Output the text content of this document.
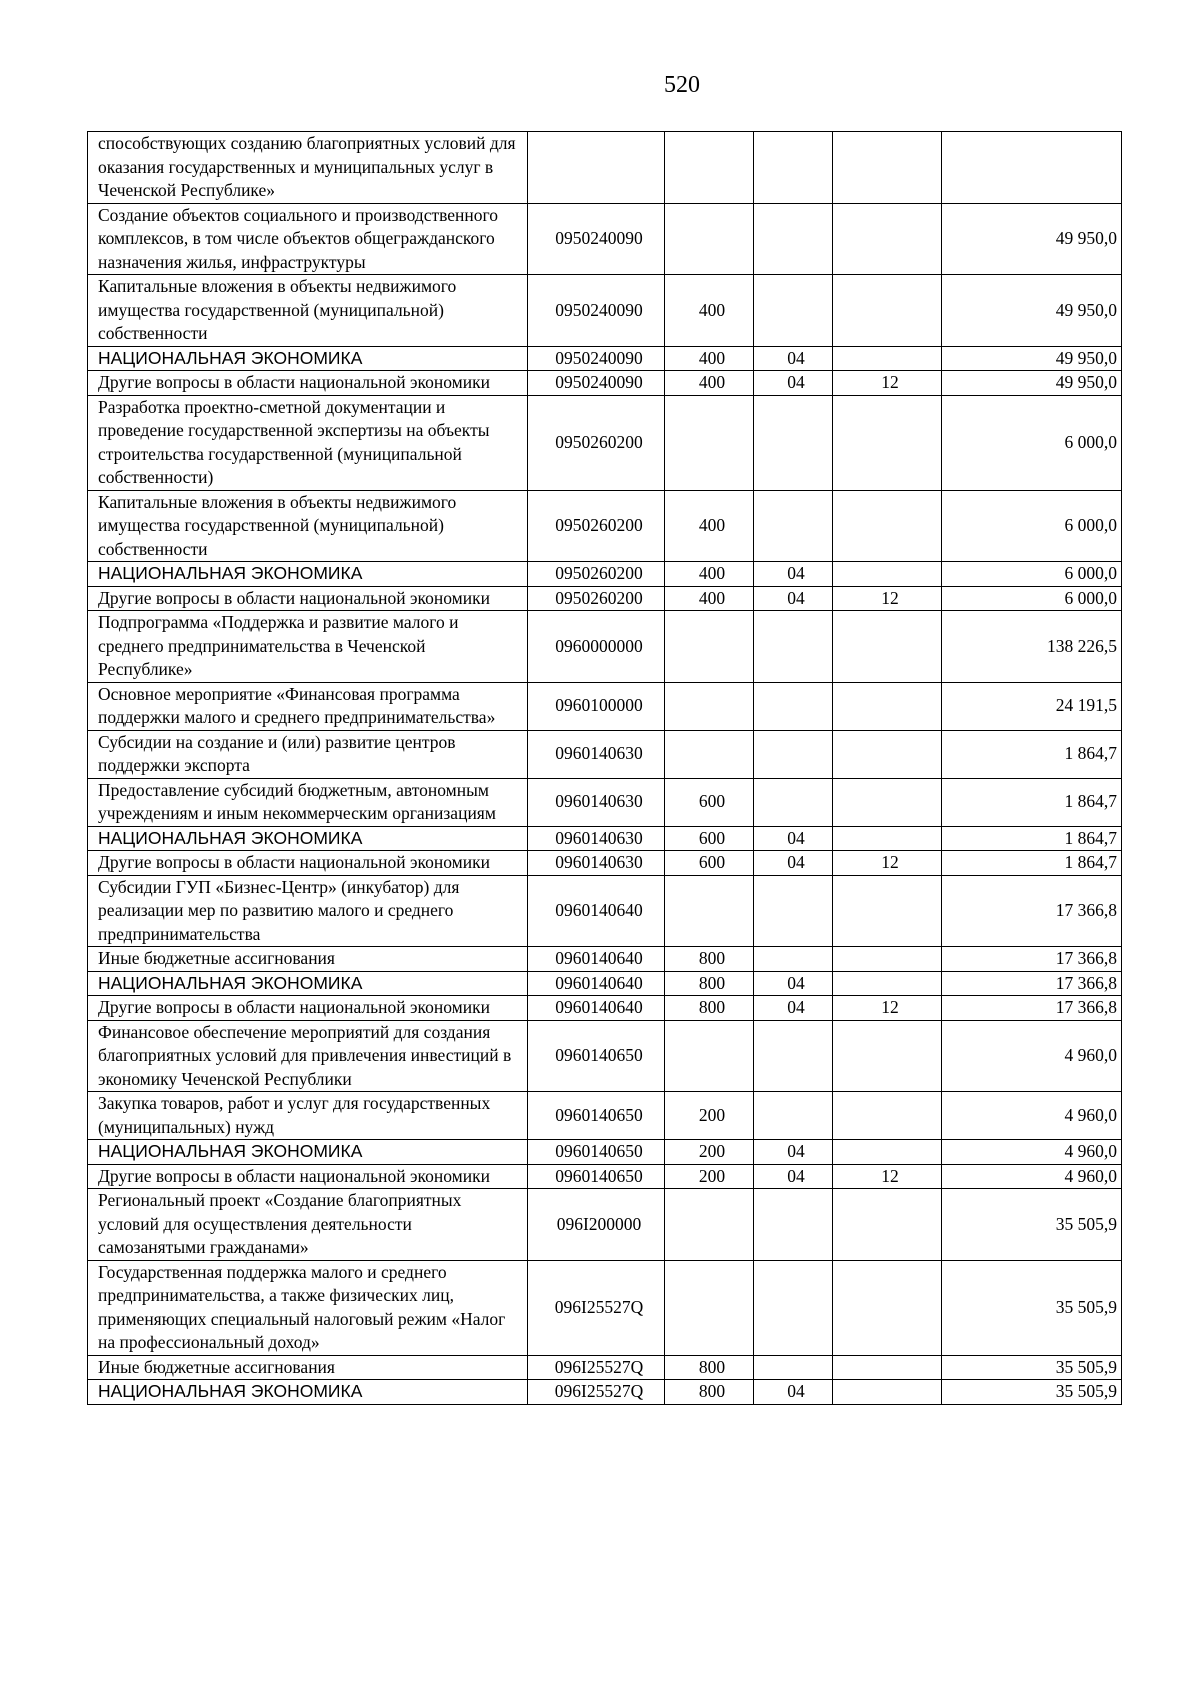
520
способствующих созданию благоприятных условий для оказания государственных и муниципальных услуг в Чеченской Республике»					
Создание объектов социального и производственного комплексов, в том числе объектов общегражданского назначения жилья, инфраструктуры	0950240090				49 950,0
Капитальные вложения в объекты недвижимого имущества государственной (муниципальной) собственности	0950240090	400			49 950,0
НАЦИОНАЛЬНАЯ ЭКОНОМИКА	0950240090	400	04		49 950,0
Другие вопросы в области национальной экономики	0950240090	400	04	12	49 950,0
Разработка проектно-сметной документации и проведение государственной экспертизы на объекты строительства государственной (муниципальной собственности)	0950260200				6 000,0
Капитальные вложения в объекты недвижимого имущества государственной (муниципальной) собственности	0950260200	400			6 000,0
НАЦИОНАЛЬНАЯ ЭКОНОМИКА	0950260200	400	04		6 000,0
Другие вопросы в области национальной экономики	0950260200	400	04	12	6 000,0
Подпрограмма «Поддержка и развитие малого и среднего предпринимательства в Чеченской Республике»	0960000000				138 226,5
Основное мероприятие «Финансовая программа поддержки малого и среднего предпринимательства»	0960100000				24 191,5
Субсидии на создание и (или) развитие центров поддержки экспорта	0960140630				1 864,7
Предоставление субсидий бюджетным, автономным учреждениям и иным некоммерческим организациям	0960140630	600			1 864,7
НАЦИОНАЛЬНАЯ ЭКОНОМИКА	0960140630	600	04		1 864,7
Другие вопросы в области национальной экономики	0960140630	600	04	12	1 864,7
Субсидии ГУП «Бизнес-Центр» (инкубатор) для реализации мер по развитию малого и среднего предпринимательства	0960140640				17 366,8
Иные бюджетные ассигнования	0960140640	800			17 366,8
НАЦИОНАЛЬНАЯ ЭКОНОМИКА	0960140640	800	04		17 366,8
Другие вопросы в области национальной экономики	0960140640	800	04	12	17 366,8
Финансовое обеспечение мероприятий для создания благоприятных условий для привлечения инвестиций в экономику Чеченской Республики	0960140650				4 960,0
Закупка товаров, работ и услуг для государственных (муниципальных) нужд	0960140650	200			4 960,0
НАЦИОНАЛЬНАЯ ЭКОНОМИКА	0960140650	200	04		4 960,0
Другие вопросы в области национальной экономики	0960140650	200	04	12	4 960,0
Региональный проект «Создание благоприятных условий для осуществления деятельности самозанятыми гражданами»	096I200000				35 505,9
Государственная поддержка малого и среднего предпринимательства, а также физических лиц, применяющих специальный налоговый режим «Налог на профессиональный доход»	096I25527Q				35 505,9
Иные бюджетные ассигнования	096I25527Q	800			35 505,9
НАЦИОНАЛЬНАЯ ЭКОНОМИКА	096I25527Q	800	04		35 505,9
